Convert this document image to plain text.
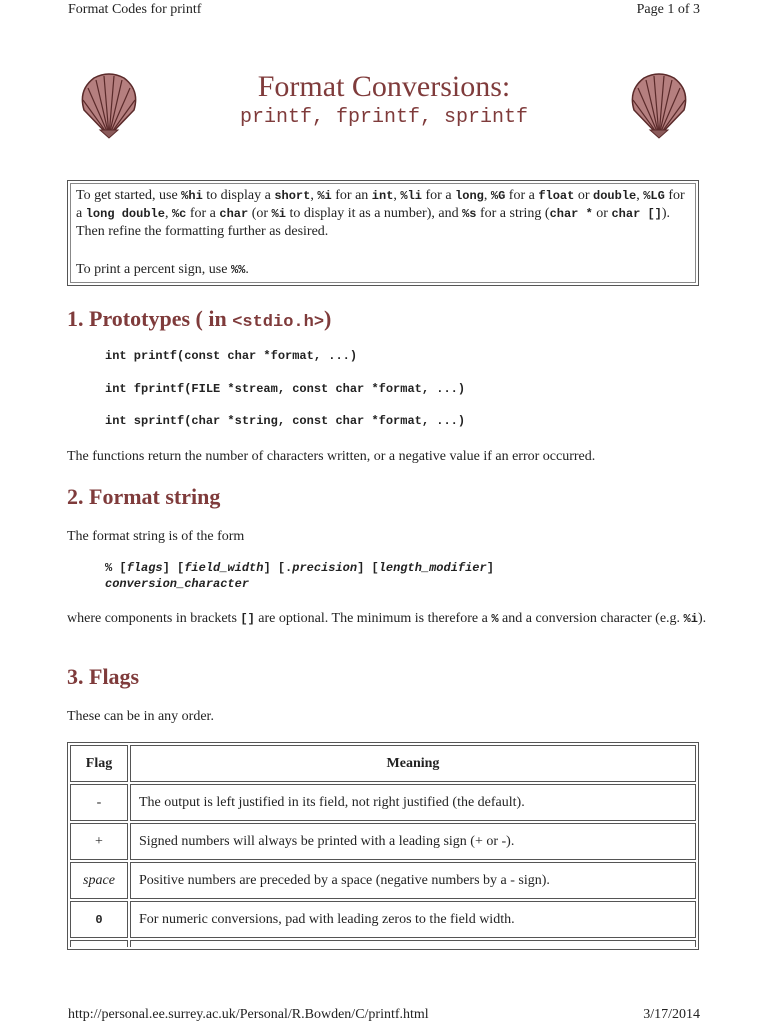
Format Codes for printf	Page 1 of 3
Format Conversions:
printf, fprintf, sprintf

To get started, use %hi to display a short, %i for an int, %li for a long, %G for a float or double, %LG for a long double, %c for a char (or %i to display it as a number), and %s for a string (char * or char []). Then refine the formatting further as desired.

To print a percent sign, use %%.

1. Prototypes ( in <stdio.h>)
int printf(const char *format, ...)
int fprintf(FILE *stream, const char *format, ...)
int sprintf(char *string, const char *format, ...)
The functions return the number of characters written, or a negative value if an error occurred.
2. Format string
The format string is of the form
% [flags] [field_width] [.precision] [length_modifier]
conversion_character
where components in brackets [] are optional. The minimum is therefore a % and a conversion character (e.g. %i).
3. Flags
These can be in any order.
Flag	Meaning
-	The output is left justified in its field, not right justified (the default).
+	Signed numbers will always be printed with a leading sign (+ or -).
space	Positive numbers are preceded by a space (negative numbers by a - sign).
0	For numeric conversions, pad with leading zeros to the field width.

http://personal.ee.surrey.ac.uk/Personal/R.Bowden/C/printf.html	3/17/2014
